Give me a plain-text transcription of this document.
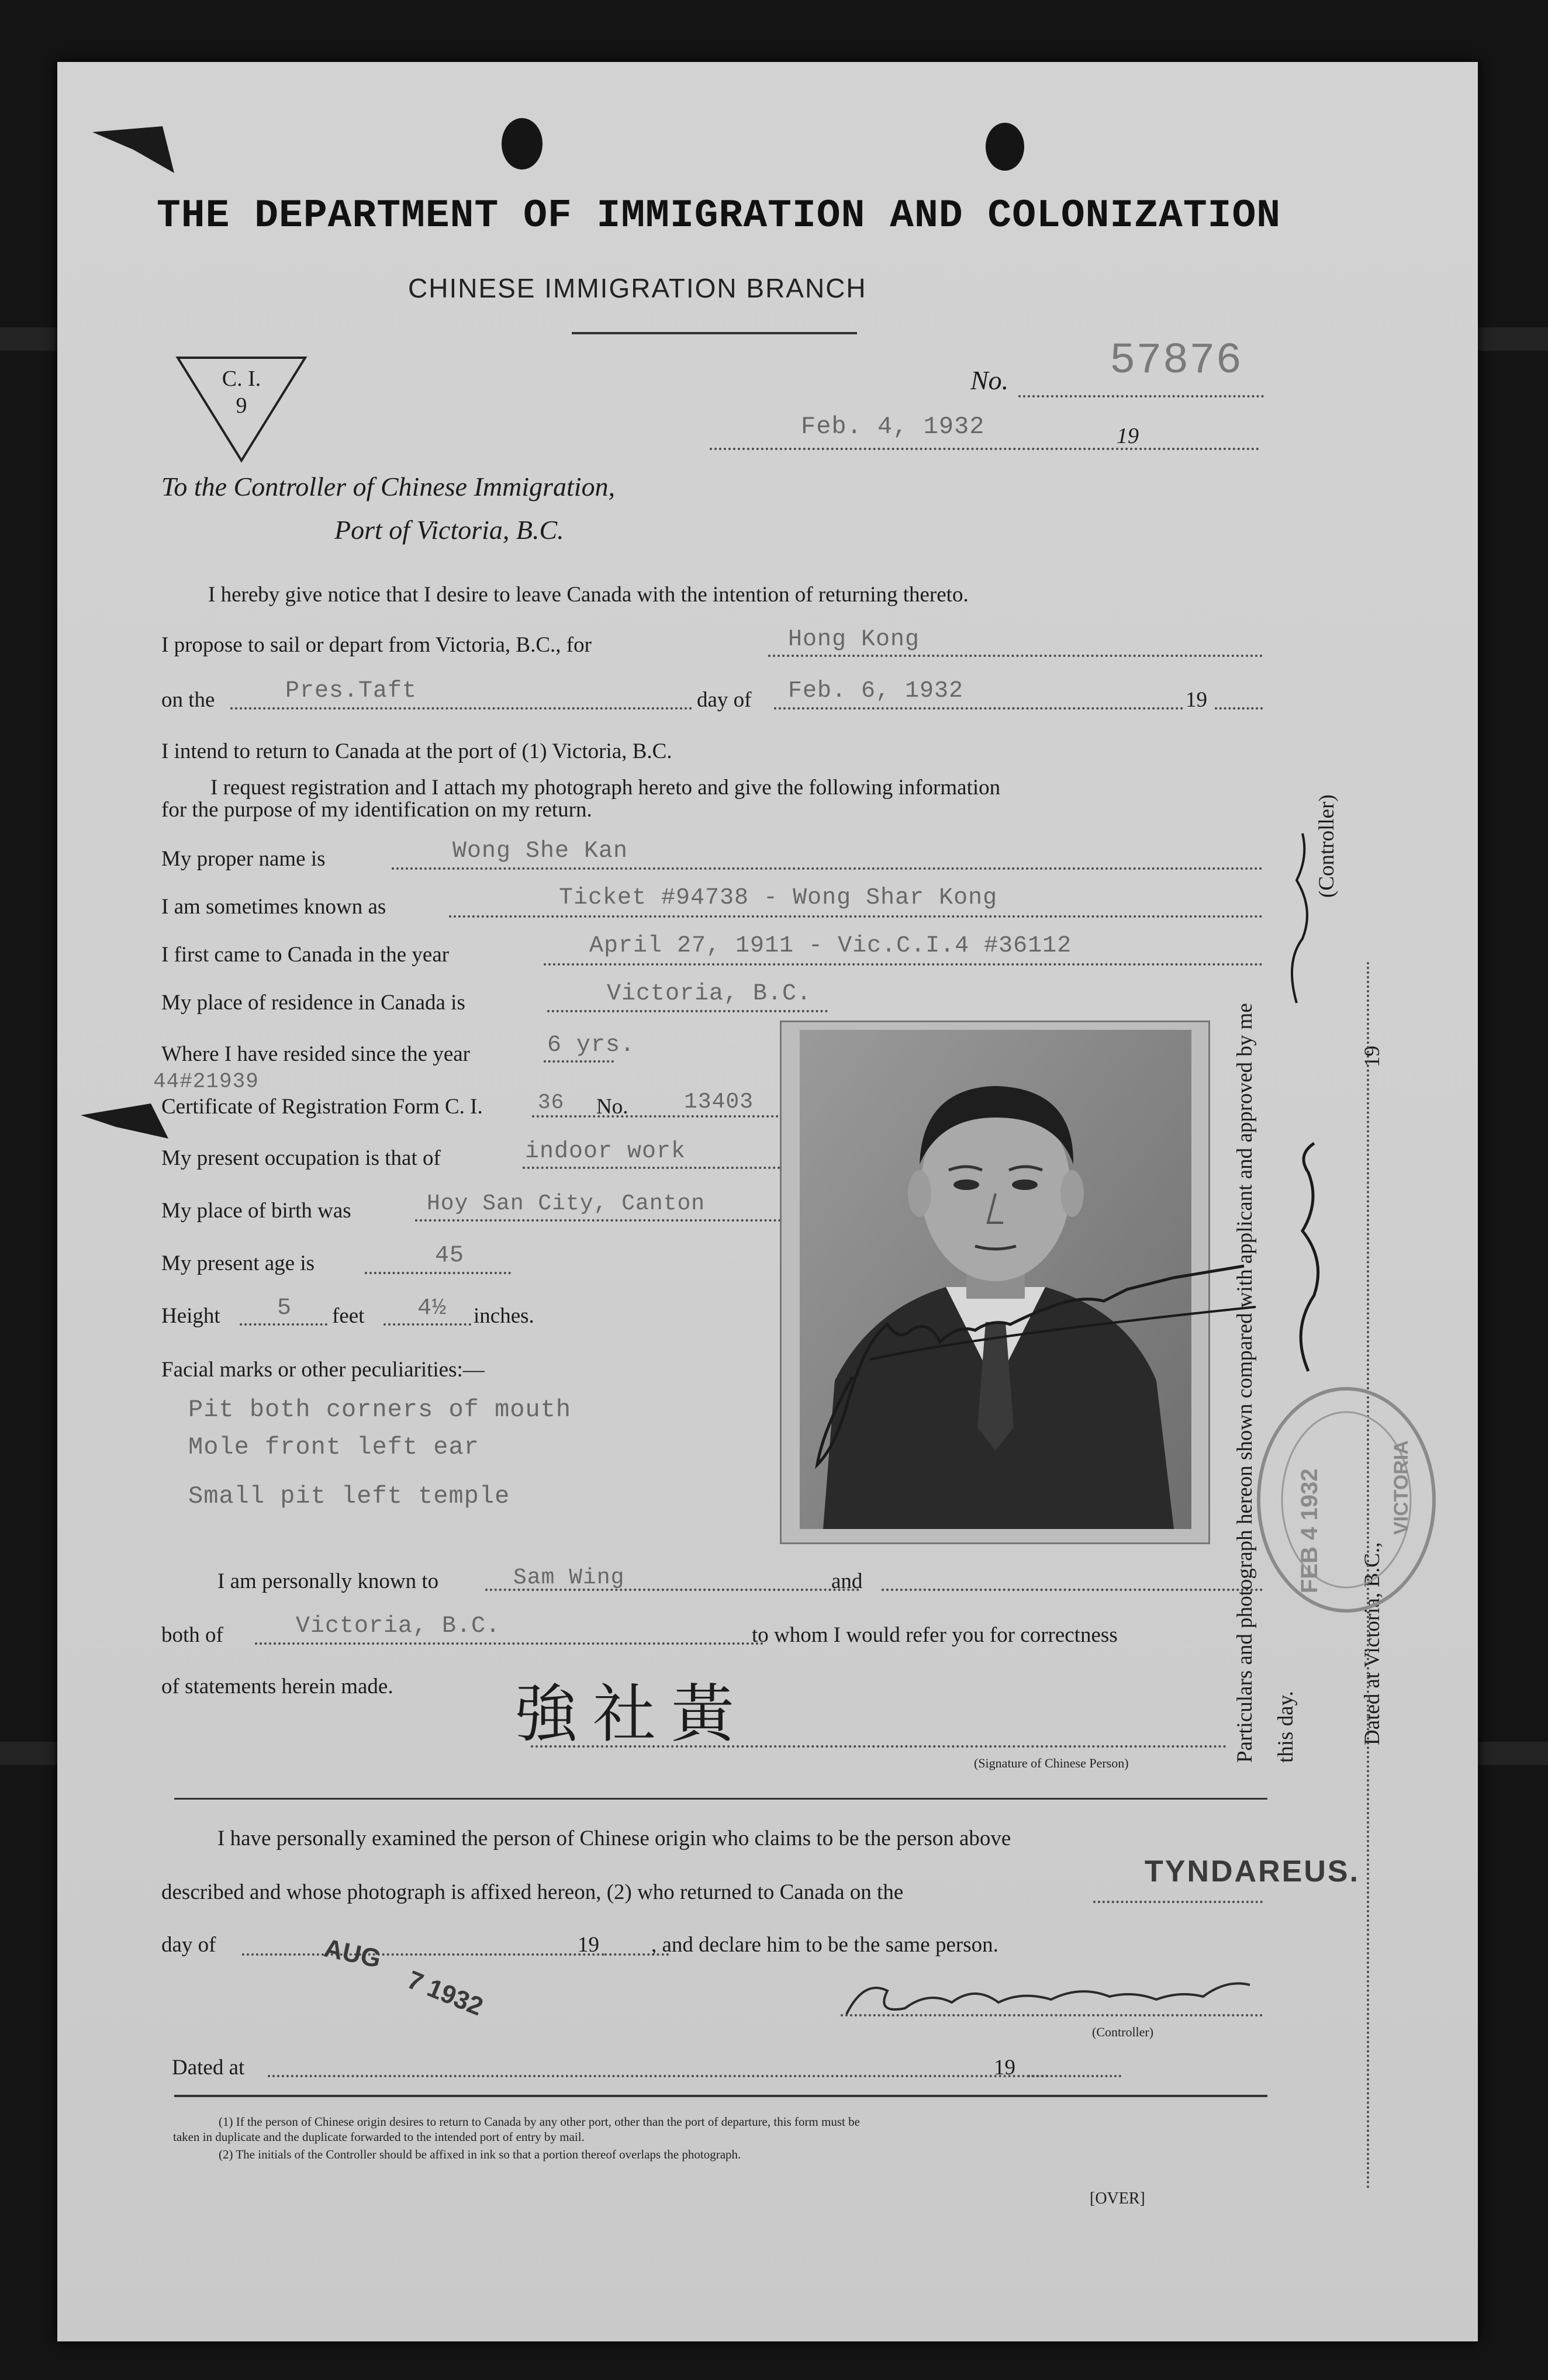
THE DEPARTMENT OF IMMIGRATION AND COLONIZATION
CHINESE IMMIGRATION BRANCH
C. I.
9
No. 57876
Feb. 4, 1932	19
To the Controller of Chinese Immigration,
Port of Victoria, B.C.
I hereby give notice that I desire to leave Canada with the intention of returning thereto.
I propose to sail or depart from Victoria, B.C., for	Hong Kong
on the	Pres.Taft	day of Feb. 6, 1932	19
I intend to return to Canada at the port of (1) Victoria, B.C.
I request registration and I attach my photograph hereto and give the following information
for the purpose of my identification on my return.
My proper name is	Wong She Kan
I am sometimes known as	Ticket #94738 - Wong Shar Kong
I first came to Canada in the year	April 27, 1911 - Vic.C.I.4 #36112
My place of residence in Canada is	Victoria, B.C.
Where I have resided since the year	6 yrs.
44#21939
Certificate of Registration Form C. I.	36 No.	13403
My present occupation is that of	indoor work
My place of birth was	Hoy San City, Canton
My present age is	45
Height 5 feet 4½ inches.
Facial marks or other peculiarities:—
Pit both corners of mouth
Mole front left ear
Small pit left temple	Particulars and photograph hereon shown compared with applicant and approved by me this day.	Dated at Victoria, B.C.,
19
(Controller)
FEB 4 1932	VICTORIA
I am personally known to	Sam Wing	and
both of	Victoria, B.C.	to whom I would refer you for correctness
of statements herein made. 強社黃
(Signature of Chinese Person)
I have personally examined the person of Chinese origin who claims to be the person above
TYNDAREUS.
described and whose photograph is affixed hereon, (2) who returned to Canada on the
day of	19 , and declare him to be the same person.
AUG
7 1932
(Controller)
Dated at	19
(1) If the person of Chinese origin desires to return to Canada by any other port, other than the port of departure, this form must be
taken in duplicate and the duplicate forwarded to the intended port of entry by mail.
(2) The initials of the Controller should be affixed in ink so that a portion thereof overlaps the photograph.
[OVER]
